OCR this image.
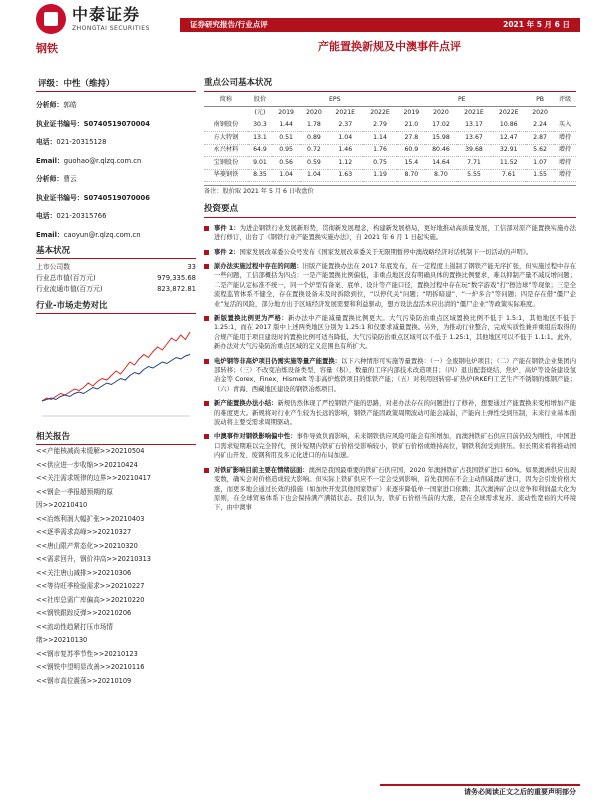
中泰证券
ZHONGTAI SECURITIES	证券研究报告/行业点评	2021 年 5 月 6 日
钢铁	产能置换新规及中澳事件点评
评级：中性（维持）
分析师：郭皓
执业证书编号：S0740519070004
电话：021-20315128
Email：guohao@r.qlzq.com.cn
分析师：曹云
执业证书编号：S0740519070006
电话：021-20315766
Email：caoyun@r.qlzq.com.cn
基本状况
上市公司数	33
行业总市值(百万元)	979,335.68
行业流通市值(百万元)	823,872.81
行业-市场走势对比
相关报告
<<产能核减尚未缓解>>20210504
<<供应进一步收缩>>20210424
<<关注需求规律的边界>>20210417
<<钢企一季报超预期的原
因>>20210410
<<冶炼利润大幅扩张>>20210403
<<逐季需求高峰>>20210327
<<唐山限产常态化>>20210320
<<需求回升，钢价冲高>>20210313
<<关注唐山减排>>20210306
<<等待旺季检验需求>>20210227
<<社库总需广库偏高>>20210220
<<钢铁跟踪反弹>>20210206
<<流动性趋紧打压市场情
绪>>20210130
<<钢市复苏季节性>>20210123
<<钢铁中望明显改善>>20210116
<<钢市高位震荡>>20210109
重点公司基本状况
简称	股价	EPS				PE				PB	评级
	(元)	2019	2020	2021E	2022E	2019	2020	2021E	2022E	2020	
南钢股份	30.3	1.44	1.78	2.37	2.79	21.0	17.02	13.17	10.86	2.24	买入
方大特钢	13.1	0.51	0.89	1.04	1.14	27.8	15.98	13.67	12.47	2.87	增持
永兴材料	64.9	0.95	0.72	1.46	1.76	60.9	80.46	39.68	32.91	5.62	增持
宝钢股份	9.01	0.56	0.59	1.12	0.75	15.4	14.64	7.71	11.52	1.07	增持
华菱钢铁	8.35	1.04	1.04	1.63	1.19	8.70	8.70	5.55	7.61	1.55	增持
备注：股价取 2021 年 5 月 6 日收盘价
投资要点
事件 1：为进企钢铁行业发展新形势，贯彻新发展理念，构建新发展格局，更好地推动高质量发展，工信部对原产能置换实施办法进行修订，出台了《钢铁行业产能置换实施办法》，自 2021 年 6 月 1 日起实施。
事件 2：国家发展改革委公众号发布《国家发展改革委关于无限期暂停中澳战略经济对话机制下一切活动的声明》。
原办法实施过程中存在的问题：旧版产能置换办法在 2017 年底发布，在一定程度上遏制了钢铁产能无序扩张，但实施过程中存在一些问题，工信部概括为四点：一是产能置换比例偏低，非重点地区没有明确具体的置换比例要求，难以抑制产量不减反增问题；二是产能认定标准不统一，同一个炉型有备案、底单、设计等产能口径，置换过程中存在玩“数字游戏”打“擦边球”等现象；三是全流程监管体系不健全，存在置换设备未及时拆除到位，“以停代关”问题；“明拆暗建”、“一炉多合”等问题；四是存在借“僵尸企业”复活的风险，部分地方出于区域经济发展需要和利益驱动，想方设法盘活本应出清的“僵尸企业”等政策实际难度。
新版置换比例更为严格：新办法中产能减量置换比例更大。大气污染防治重点区域置换比例不低于 1.5:1，其他地区不低于 1.25:1，而在 2017 版中上述两类地区分别为 1.25:1 和仅要求减量置换。另外，为推动行业整合，完成实质性兼并重组后取得的合规产能用于项目建设时的置换比例可适当降低，大气污染防治重点区域可以不低于 1.25:1，其他地区可以不低于 1.1:1。此外，新办法对大气污染防治重点区域的定义范围也有所扩大。
电炉钢等非高炉项目仍需实施等量产能置换：以下六种情形可实施等量置换：（一）全废钢电炉项目；（二）产能在钢铁企业集团内部转移；（三）不改变冶炼设备类型、容量（积）、数量的工序内部技术改造项目；（四）退出配套烧结、焦炉、高炉等设备建设氢冶金等 Corex、Finex、Hismelt 等非高炉炼铁项目的炼铁产能；（五）对利用回转窑-矿热炉(RKEF)工艺生产不锈钢的炼钢产能；（六）青海、西藏地区建设的钢铁冶炼项目。
新产能置换办法小结：新规仍然体现了严控钢铁产能的思路，对老办法存在的问题进行了修补，想要通过产能置换来变相增加产能的难度更大。新规将对行业产生较为长远的影响，钢铁产能因政策周期波动可能会减弱，产能向上弹性受到压制，未来行业基本面波动将主要受需求周期驱动。
中澳事件对钢铁影响偏中性：事件导致负面影响，未来钢铁供应风险可能会有所增加，而澳洲铁矿石供应目前仍较为刚性，中国进口需求短期难以完全替代，预计短期内铁矿石价格受影响较小，铁矿石价格或维持高位，钢铁利润受到挤压。但长期来看将推动国内矿山开发、废钢利用及多元化进口的布局加速。
对铁矿影响目前主要在情绪层面：澳洲是我国最重要的铁矿石供应国，2020 年澳洲铁矿占我国铁矿进口 60%。如果澳洲供应出现变数，确实会对价格造成较大影响。但实际上铁矿供应不一定会受到影响，首先我国在不会主动削减澳矿进口，因为会引发价格大涨，而更多地会通过长效的措施（如加快开发其他国家铁矿）来逐步降低单一国家进口依赖；其次澳洲矿企以竞争和利润最大化为原则，在全球贸易体系下也会保持满产满销状态。我们认为，铁矿石价格当前的大涨，是在全球需求复苏、流动性宽裕的大环境下，由中澳事
请务必阅读正文之后的重要声明部分
